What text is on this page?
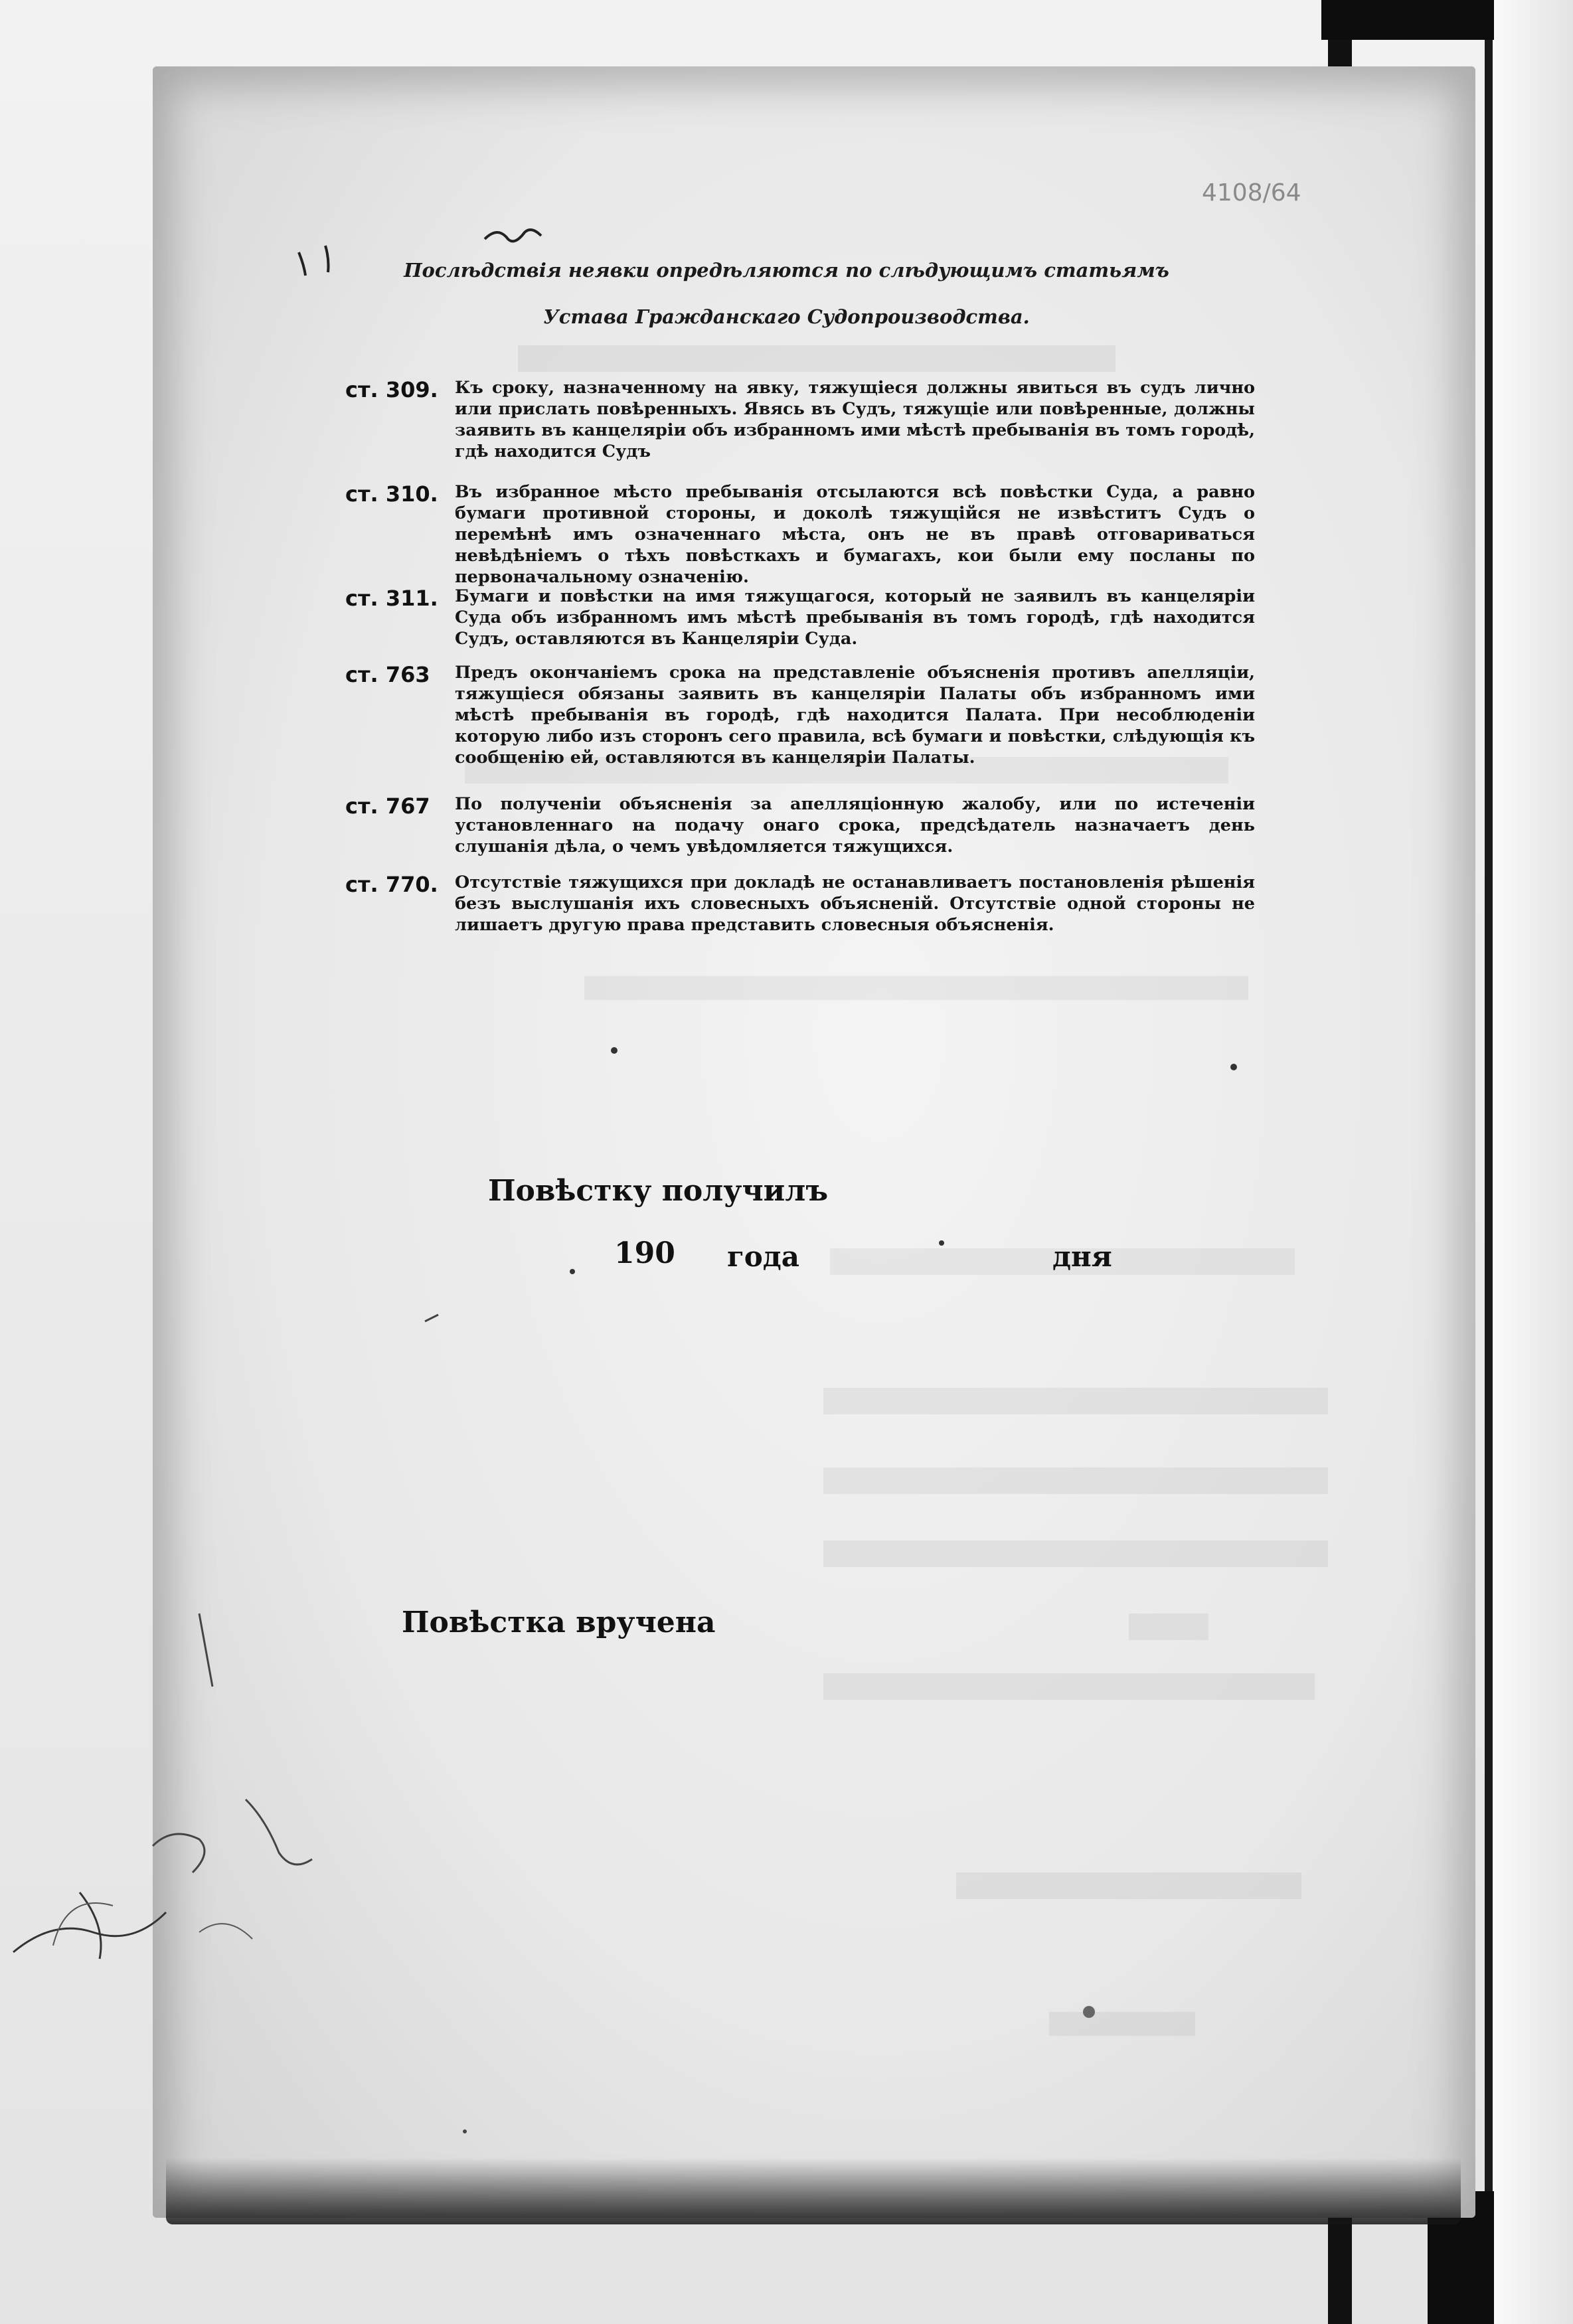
4108/64
Послѣдствія неявки опредѣляются по слѣдующимъ статьямъ
Устава Гражданскаго Судопроизводства.
ст. 309. Къ сроку, назначенному на явку, тяжущіеся должны явиться въ судъ лично или прислать повѣренныхъ. Явясь въ Судъ, тяжущіе или повѣренные, должны заявить въ канцеляріи объ избранномъ ими мѣстѣ пребыванія въ томъ городѣ, гдѣ находится Судъ
ст. 310. Въ избранное мѣсто пребыванія отсылаются всѣ повѣстки Суда, а равно бумаги противной стороны, и доколѣ тяжущійся не извѣститъ Судъ о перемѣнѣ имъ означеннаго мѣста, онъ не въ правѣ отговариваться невѣдѣніемъ о тѣхъ повѣсткахъ и бумагахъ, кои были ему посланы по первоначальному означенію.
ст. 311. Бумаги и повѣстки на имя тяжущагося, который не заявилъ въ канцеляріи Суда объ избранномъ имъ мѣстѣ пребыванія въ томъ городѣ, гдѣ находится Судъ, оставляются въ Канцеляріи Суда.
ст. 763	Предъ окончаніемъ срока на представленіе объясненія противъ апелляціи, тяжущіеся обязаны заявить въ канцеляріи Палаты объ избранномъ ими мѣстѣ пребыванія въ городѣ, гдѣ находится Палата. При несоблюденіи которую либо изъ сторонъ сего правила, всѣ бумаги и повѣстки, слѣдующія къ сообщенію ей, оставляются въ канцеляріи Палаты.
ст. 767	По полученіи объясненія за апелляціонную жалобу, или по истеченіи установленнаго на подачу онаго срока, предсѣдатель назначаетъ день слушанія дѣла, о чемъ увѣдомляется тяжущихся.
ст. 770. Отсутствіе тяжущихся при докладѣ не останавливаетъ постановленія рѣшенія безъ выслушанія ихъ словесныхъ объясненій. Отсутствіе одной стороны не лишаетъ другую права представить словесныя объясненія.
Повѣстку получилъ
190 года	дня
Повѣстка вручена
